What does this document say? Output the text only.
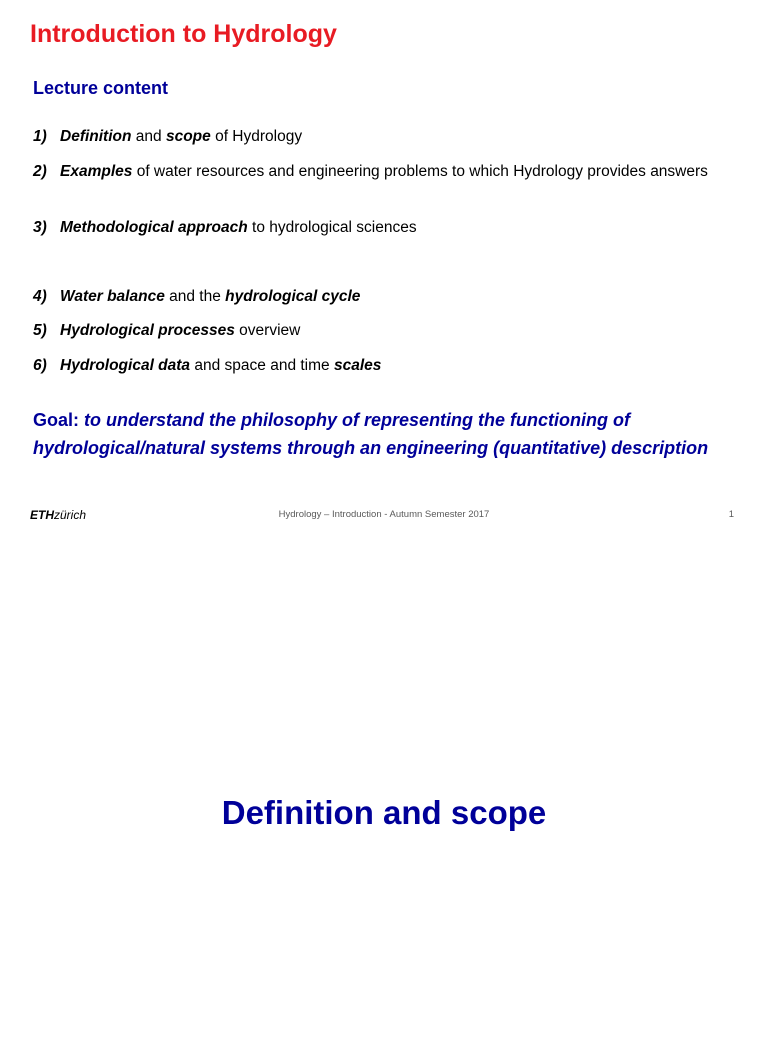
Introduction to Hydrology
Lecture content
1) Definition and scope of Hydrology
2) Examples of water resources and engineering problems to which Hydrology provides answers
3) Methodological approach to hydrological sciences
4) Water balance and the hydrological cycle
5) Hydrological processes overview
6) Hydrological data and space and time scales
Goal: to understand the philosophy of representing the functioning of hydrological/natural systems through an engineering (quantitative) description
ETHzürich	Hydrology – Introduction - Autumn Semester 2017	1
Definition and scope
